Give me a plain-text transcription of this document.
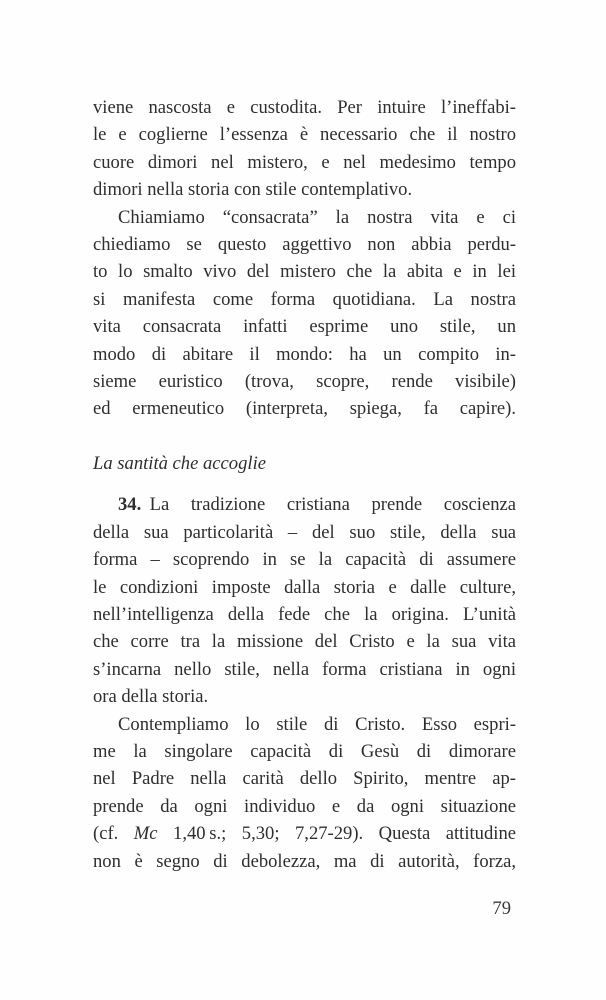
viene nascosta e custodita. Per intuire l’ineffabi-
le e coglierne l’essenza è necessario che il nostro
cuore dimori nel mistero, e nel medesimo tempo
dimori nella storia con stile contemplativo.

Chiamiamo “consacrata” la nostra vita e ci
chiediamo se questo aggettivo non abbia perdu-
to lo smalto vivo del mistero che la abita e in lei
si manifesta come forma quotidiana. La nostra
vita consacrata infatti esprime uno stile, un
modo di abitare il mondo: ha un compito in-
sieme euristico (trova, scopre, rende visibile)
ed ermeneutico (interpreta, spiega, fa capire).

La santità che accoglie

34. La tradizione cristiana prende coscienza
della sua particolarità – del suo stile, della sua
forma – scoprendo in se la capacità di assumere
le condizioni imposte dalla storia e dalle culture,
nell’intelligenza della fede che la origina. L’unità
che corre tra la missione del Cristo e la sua vita
s’incarna nello stile, nella forma cristiana in ogni
ora della storia.

Contempliamo lo stile di Cristo. Esso espri-
me la singolare capacità di Gesù di dimorare
nel Padre nella carità dello Spirito, mentre ap-
prende da ogni individuo e da ogni situazione
(cf. Mc 1,40 s.; 5,30; 7,27-29). Questa attitudine
non è segno di debolezza, ma di autorità, forza,

79
